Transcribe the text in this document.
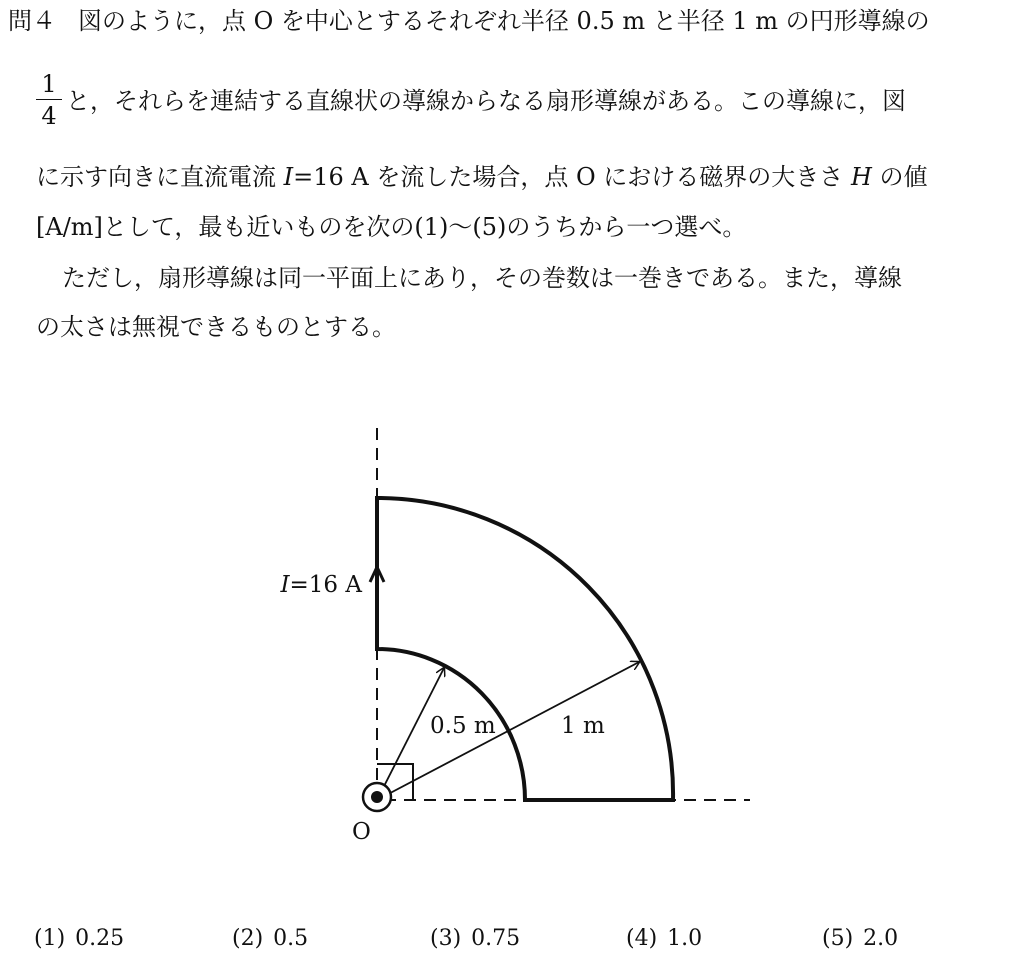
問４ 図のように，点 O を中心とするそれぞれ半径 0.5 m と半径 1 m の円形導線の
1
4
と，それらを連結する直線状の導線からなる扇形導線がある。この導線に，図
に示す向きに直流電流 I=16 A を流した場合，点 O における磁界の大きさ H の値
[A/m]として，最も近いものを次の(1)～(5)のうちから一つ選べ。
ただし，扇形導線は同一平面上にあり，その巻数は一巻きである。また，導線
の太さは無視できるものとする。
I=16 A
0.5 m	1 m
O
(1) 0.25	(2) 0.5	(3) 0.75	(4) 1.0	(5) 2.0
